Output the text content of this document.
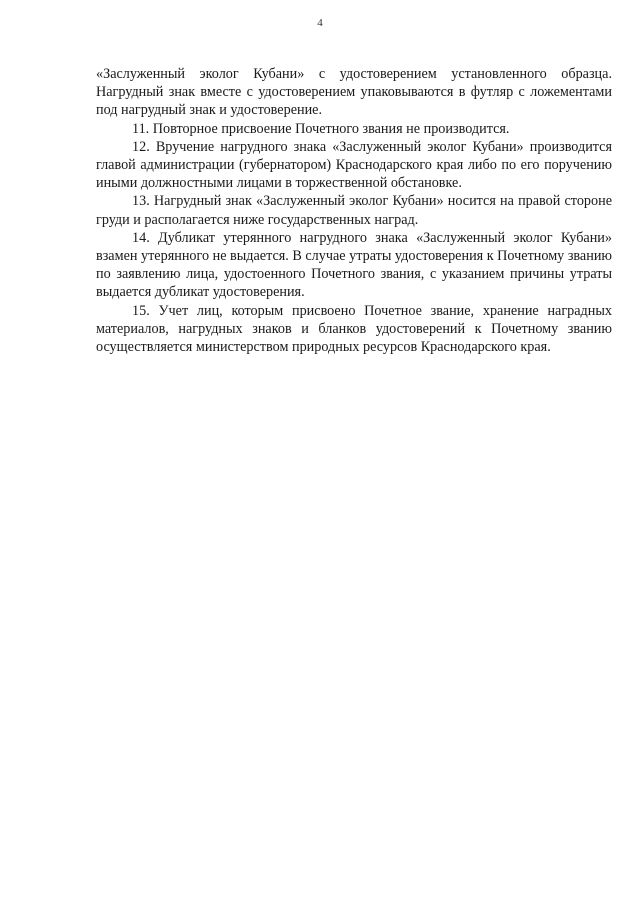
4

«Заслуженный эколог Кубани» с удостоверением установленного образца. Нагрудный знак вместе с удостоверением упаковываются в футляр с ложементами под нагрудный знак и удостоверение.

11. Повторное присвоение Почетного звания не производится.

12. Вручение нагрудного знака «Заслуженный эколог Кубани» производится главой администрации (губернатором) Краснодарского края либо по его поручению иными должностными лицами в торжественной обстановке.

13. Нагрудный знак «Заслуженный эколог Кубани» носится на правой стороне груди и располагается ниже государственных наград.

14. Дубликат утерянного нагрудного знака «Заслуженный эколог Кубани» взамен утерянного не выдается. В случае утраты удостоверения к Почетному званию по заявлению лица, удостоенного Почетного звания, с указанием причины утраты выдается дубликат удостоверения.

15. Учет лиц, которым присвоено Почетное звание, хранение наградных материалов, нагрудных знаков и бланков удостоверений к Почетному званию осуществляется министерством природных ресурсов Краснодарского края.
